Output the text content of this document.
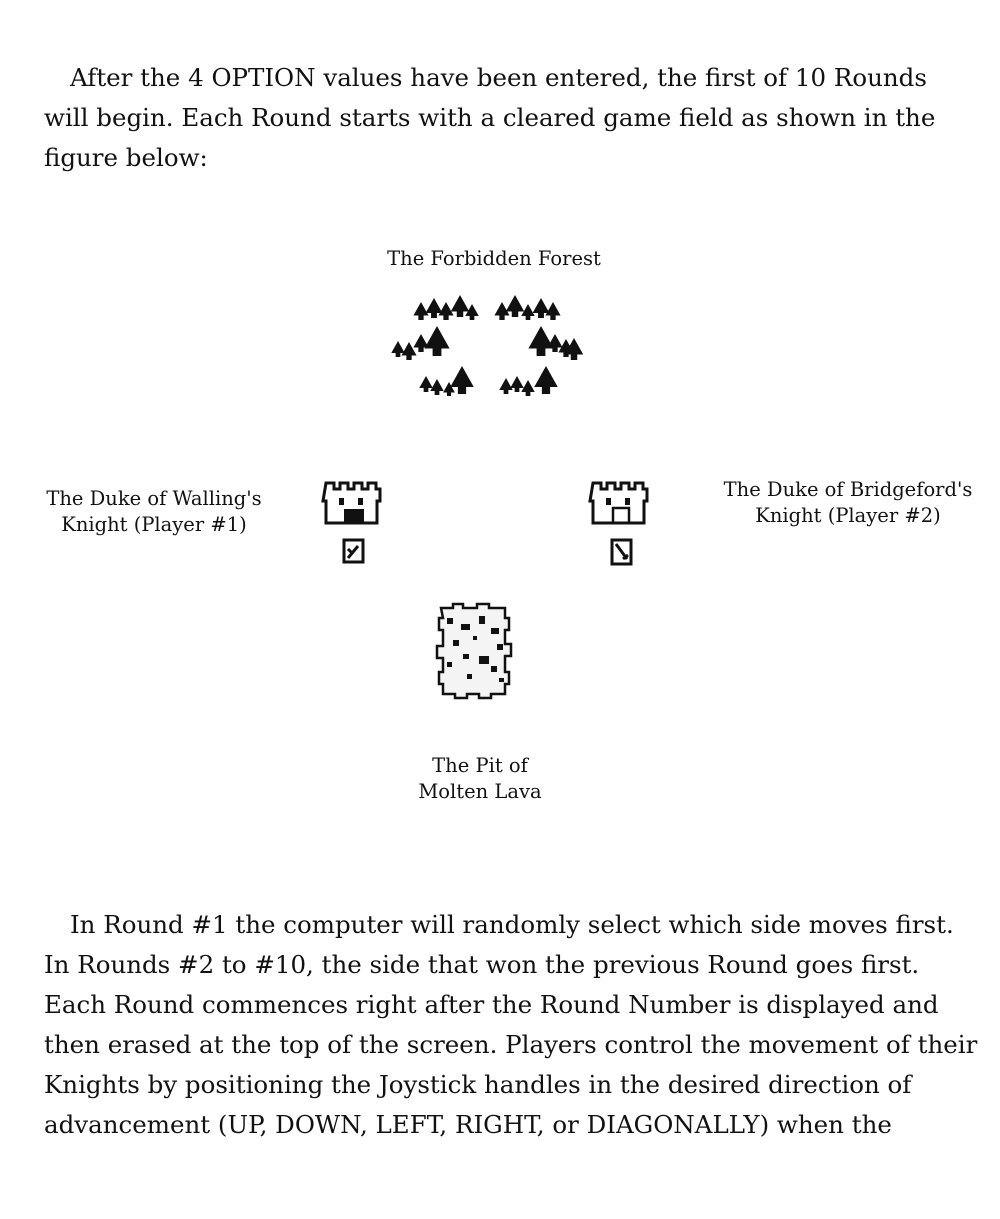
After the 4 OPTION values have been entered, the first of 10 Rounds
will begin. Each Round starts with a cleared game field as shown in the
figure below:

The Forbidden Forest
The Duke of Walling's
Knight (Player #1)
The Duke of Bridgeford's
Knight (Player #2)
The Pit of
Molten Lava

In Round #1 the computer will randomly select which side moves first.
In Rounds #2 to #10, the side that won the previous Round goes first.
Each Round commences right after the Round Number is displayed and
then erased at the top of the screen. Players control the movement of their
Knights by positioning the Joystick handles in the desired direction of
advancement (UP, DOWN, LEFT, RIGHT, or DIAGONALLY) when the
